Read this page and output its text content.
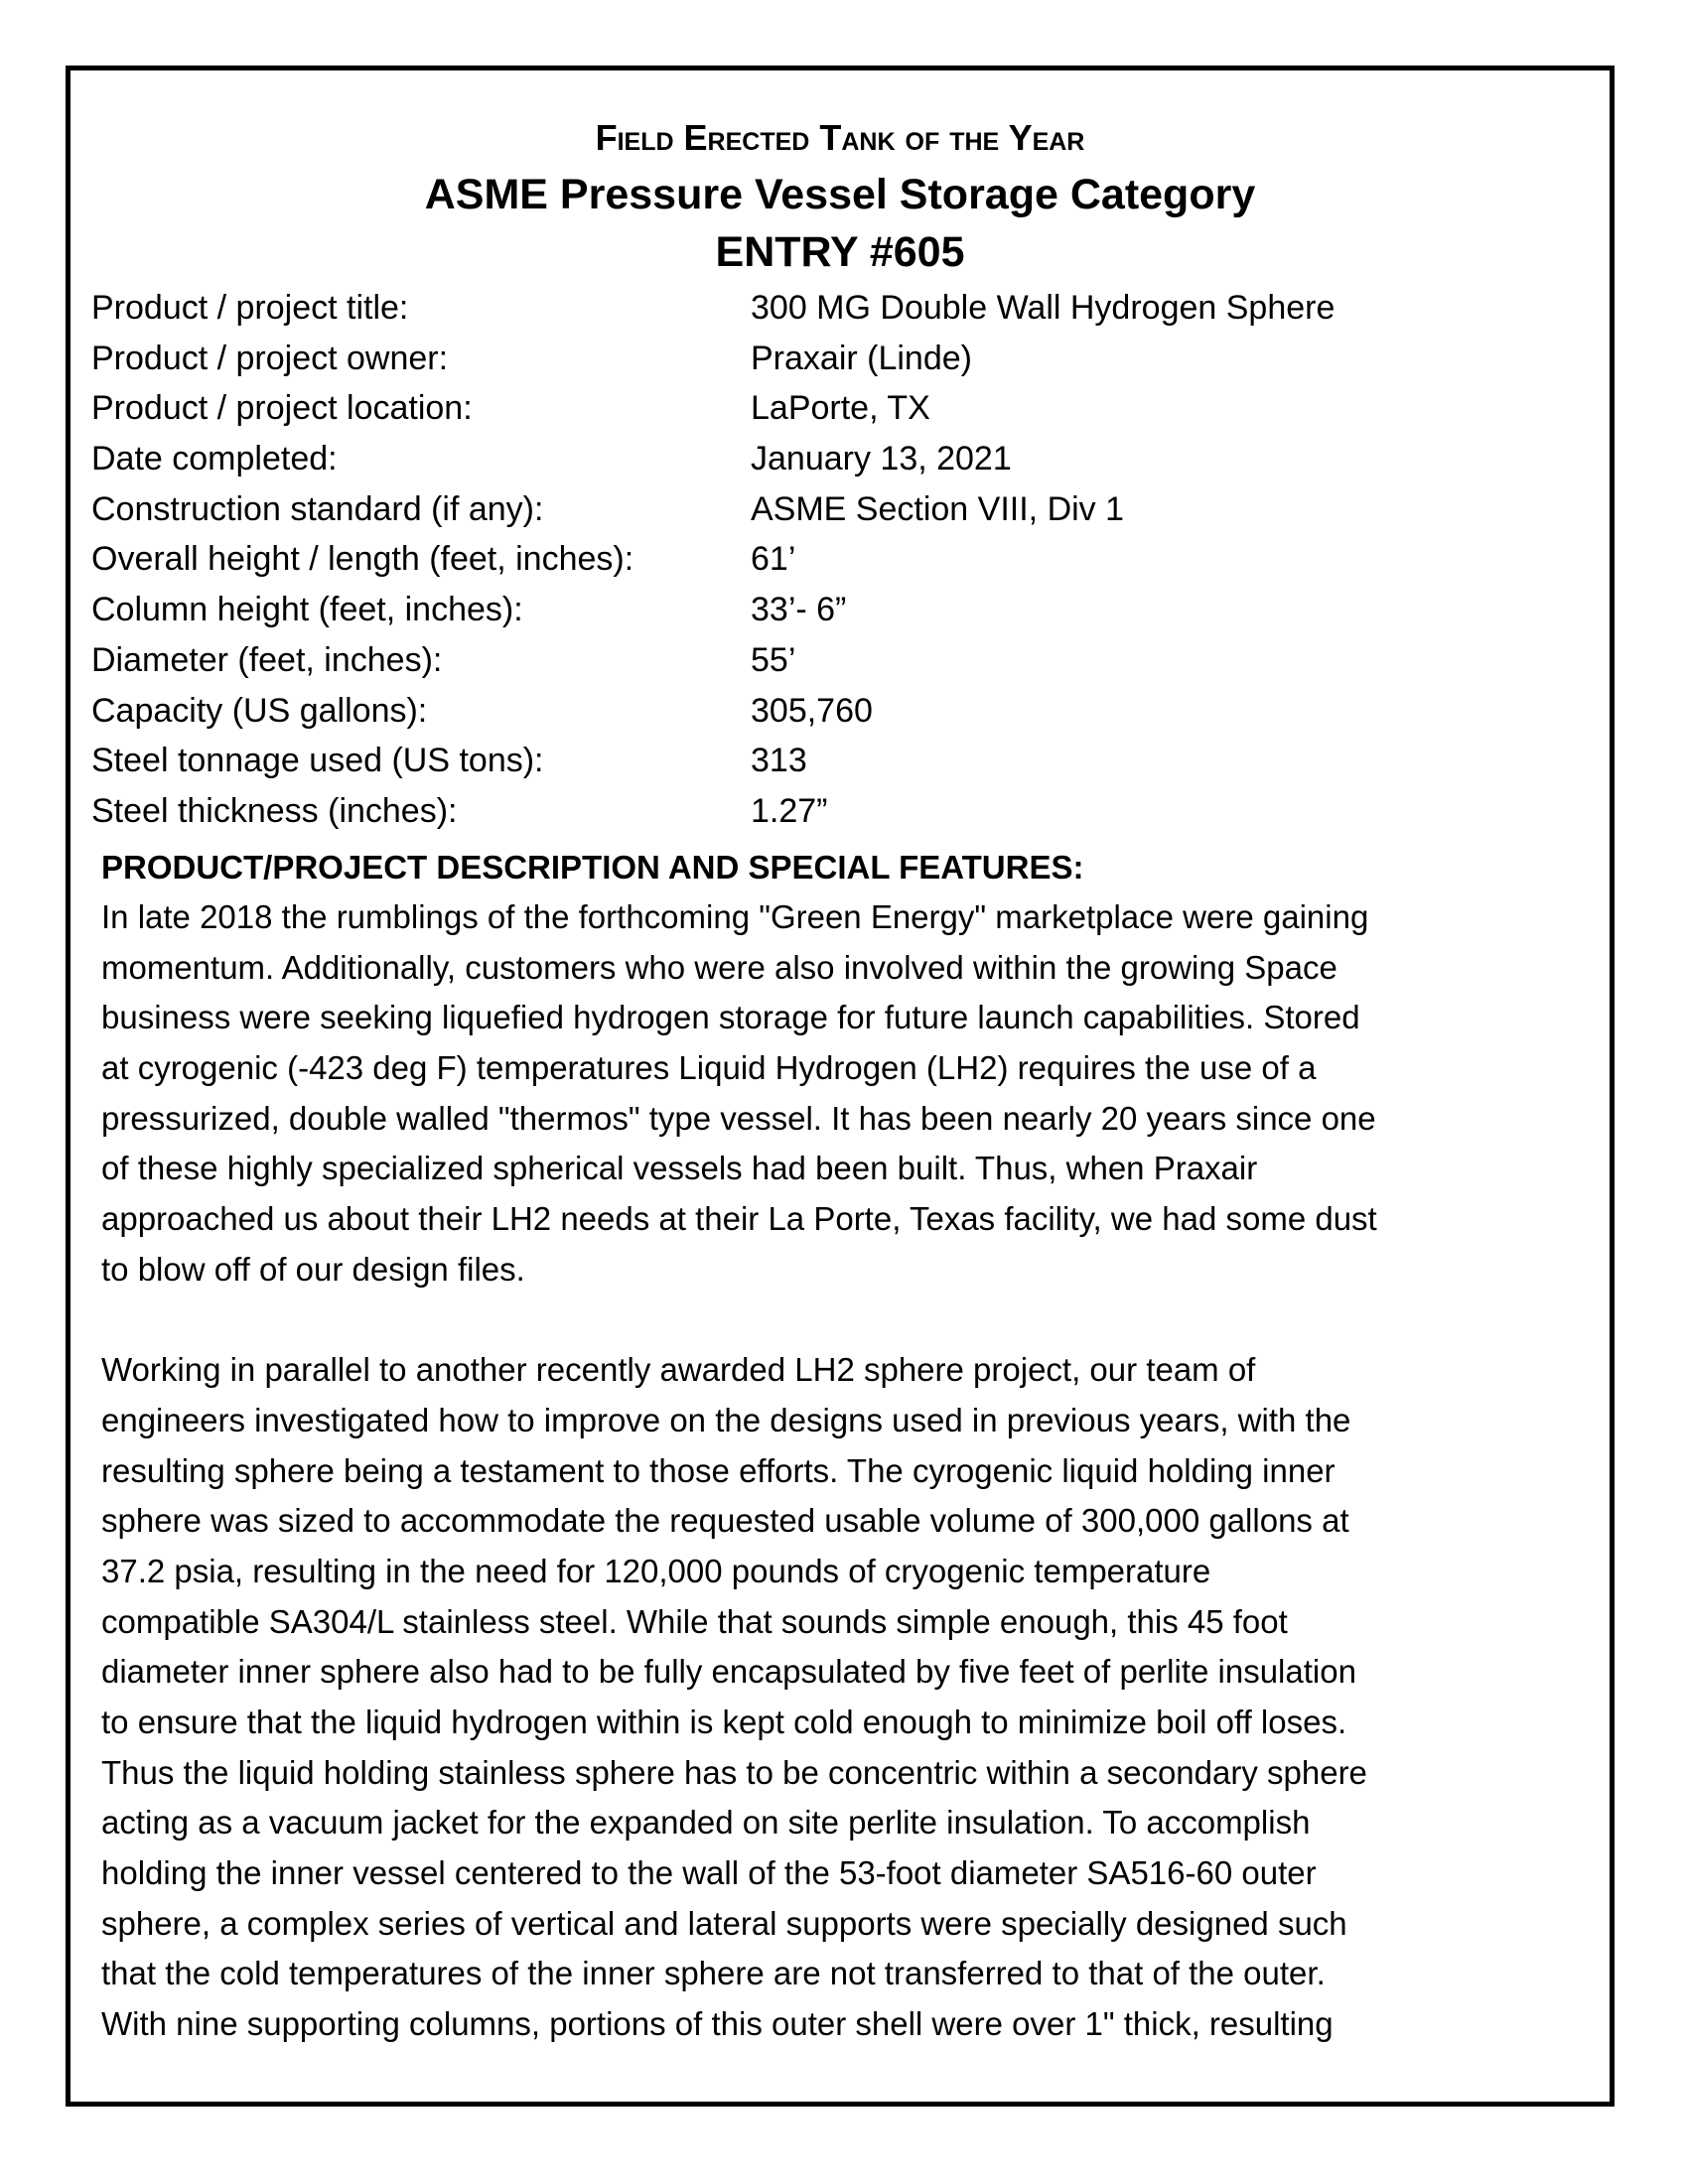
Field Erected Tank of the Year
ASME Pressure Vessel Storage Category
ENTRY #605
Product / project title:	300 MG Double Wall Hydrogen Sphere
Product / project owner:	Praxair (Linde)
Product / project location:	LaPorte, TX
Date completed:	January 13, 2021
Construction standard (if any):	ASME Section VIII, Div 1
Overall height / length (feet, inches):	61’
Column height (feet, inches):	33’- 6”
Diameter (feet, inches):	55’
Capacity (US gallons):	305,760
Steel tonnage used (US tons):	313
Steel thickness (inches):	1.27”
PRODUCT/PROJECT DESCRIPTION AND SPECIAL FEATURES:
In late 2018 the rumblings of the forthcoming "Green Energy" marketplace were gaining
momentum. Additionally, customers who were also involved within the growing Space
business were seeking liquefied hydrogen storage for future launch capabilities. Stored
at cyrogenic (-423 deg F) temperatures Liquid Hydrogen (LH2) requires the use of a
pressurized, double walled "thermos" type vessel. It has been nearly 20 years since one
of these highly specialized spherical vessels had been built. Thus, when Praxair
approached us about their LH2 needs at their La Porte, Texas facility, we had some dust
to blow off of our design files.
Working in parallel to another recently awarded LH2 sphere project, our team of
engineers investigated how to improve on the designs used in previous years, with the
resulting sphere being a testament to those efforts. The cyrogenic liquid holding inner
sphere was sized to accommodate the requested usable volume of 300,000 gallons at
37.2 psia, resulting in the need for 120,000 pounds of cryogenic temperature
compatible SA304/L stainless steel. While that sounds simple enough, this 45 foot
diameter inner sphere also had to be fully encapsulated by five feet of perlite insulation
to ensure that the liquid hydrogen within is kept cold enough to minimize boil off loses.
Thus the liquid holding stainless sphere has to be concentric within a secondary sphere
acting as a vacuum jacket for the expanded on site perlite insulation. To accomplish
holding the inner vessel centered to the wall of the 53-foot diameter SA516-60 outer
sphere, a complex series of vertical and lateral supports were specially designed such
that the cold temperatures of the inner sphere are not transferred to that of the outer.
With nine supporting columns, portions of this outer shell were over 1" thick, resulting
